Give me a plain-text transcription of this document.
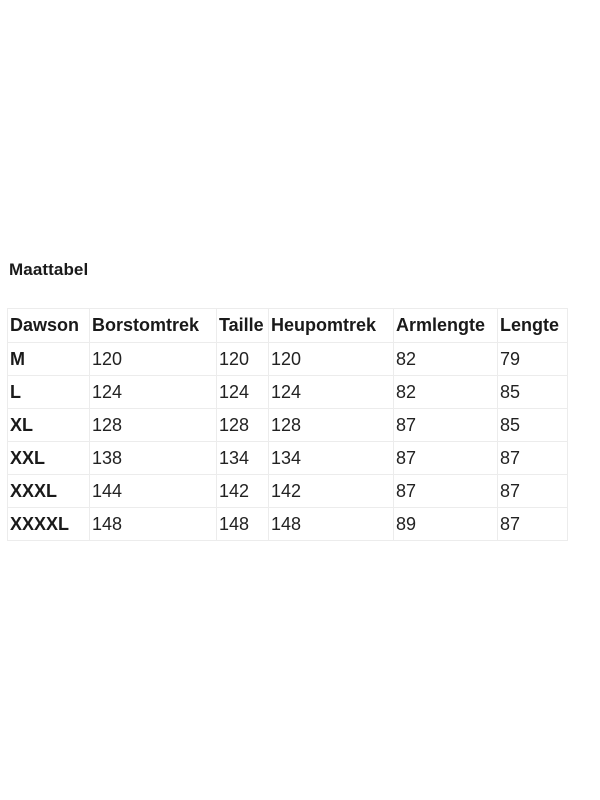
Maattabel
Dawson	Borstomtrek	Taille	Heupomtrek	Armlengte	Lengte
M	120	120	120	82	79
L	124	124	124	82	85
XL	128	128	128	87	85
XXL	138	134	134	87	87
XXXL	144	142	142	87	87
XXXXL	148	148	148	89	87
